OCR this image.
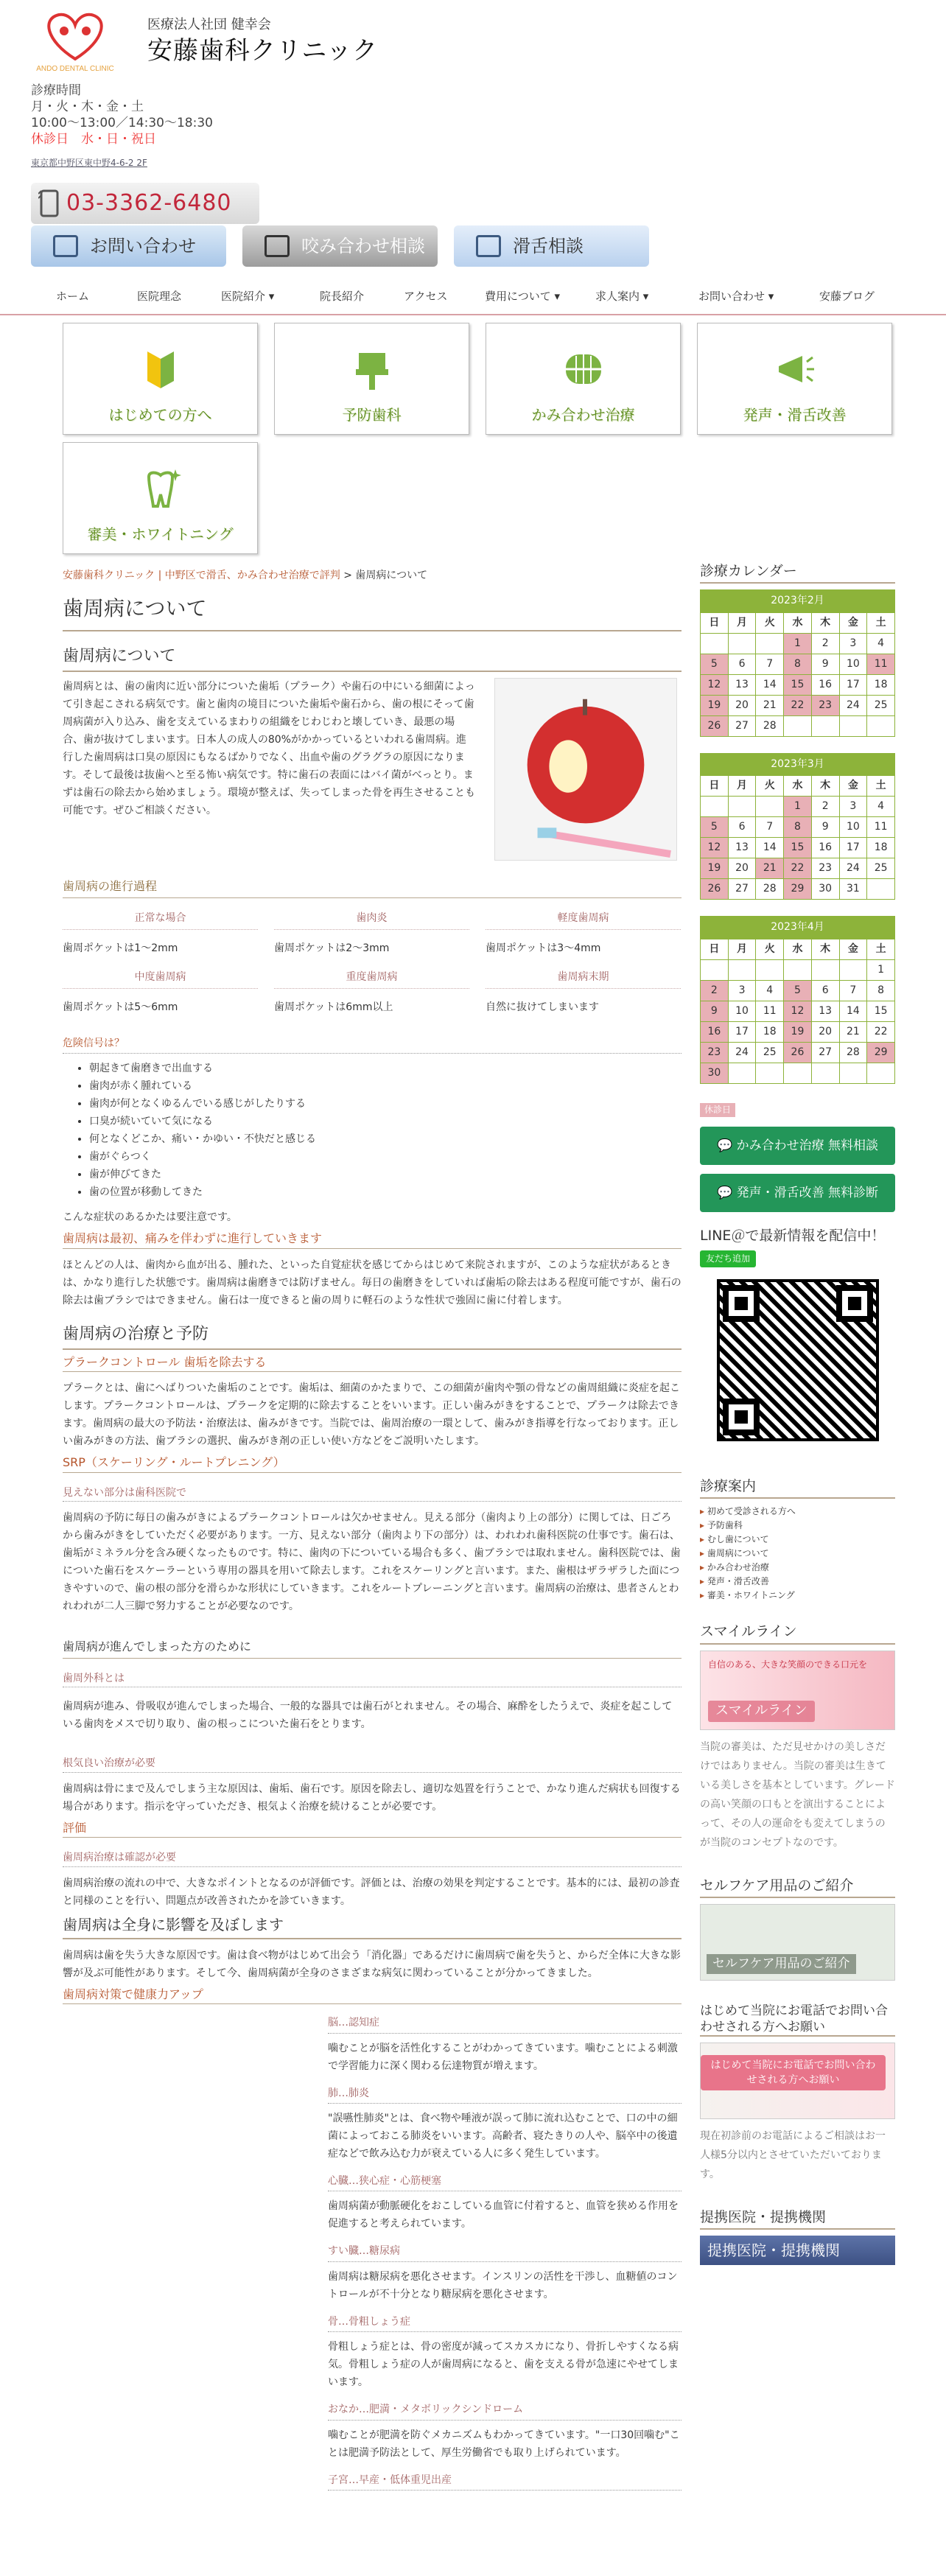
ANDO DENTAL CLINIC
医療法人社団 健幸会
安藤歯科クリニック
診療時間
月・火・木・金・土
10:00〜13:00／14:30〜18:30
休診日　水・日・祝日
東京都中野区東中野4-6-2 2F
03-3362-6480
お問い合わせ	咬み合わせ相談	滑舌相談
ホーム	医院理念	医院紹介 ▾	院長紹介	アクセス	費用について ▾	求人案内 ▾	お問い合わせ ▾	安藤ブログ
はじめての方へ	予防歯科	かみ合わせ治療	発声・滑舌改善
審美・ホワイトニング
安藤歯科クリニック | 中野区で滑舌、かみ合わせ治療で評判 > 歯周病について
歯周病について
歯周病について

歯周病とは、歯の歯肉に近い部分についた歯垢（プラーク）や歯石の中にいる細菌によって引き起こされる病気です。歯と歯肉の境目についた歯垢や歯石から、歯の根にそって歯周病菌が入り込み、歯を支えているまわりの組織をじわじわと壊していき、最悪の場合、歯が抜けてしまいます。日本人の成人の80%がかかっているといわれる歯周病。進行した歯周病は口臭の原因にもなるばかりでなく、出血や歯のグラグラの原因になります。そして最後は抜歯へと至る怖い病気です。特に歯石の表面にはバイ菌がべっとり。まずは歯石の除去から始めましょう。環境が整えば、失ってしまった骨を再生させることも可能です。ぜひご相談ください。

歯周病の進行過程
正常な場合
歯周ポケットは1〜2mm
歯肉炎
歯周ポケットは2〜3mm
軽度歯周病
歯周ポケットは3〜4mm
中度歯周病
歯周ポケットは5〜6mm
重度歯周病
歯周ポケットは6mm以上
歯周病末期
自然に抜けてしまいます
危険信号は？
• 朝起きて歯磨きで出血する
• 歯肉が赤く腫れている
• 歯肉が何となくゆるんでいる感じがしたりする
• 口臭が続いていて気になる
• 何となくどこか、痛い・かゆい・不快だと感じる
• 歯がぐらつく
• 歯が伸びてきた
• 歯の位置が移動してきた

こんな症状のあるかたは要注意です。

歯周病は最初、痛みを伴わずに進行していきます

ほとんどの人は、歯肉から血が出る、腫れた、といった自覚症状を感じてからはじめて来院されますが、このような症状があるときは、かなり進行した状態です。歯周病は歯磨きでは防げません。毎日の歯磨きをしていれば歯垢の除去はある程度可能ですが、歯石の除去は歯ブラシではできません。歯石は一度できると歯の周りに軽石のような性状で強固に歯に付着します。

歯周病の治療と予防
プラークコントロール 歯垢を除去する

プラークとは、歯にへばりついた歯垢のことです。歯垢は、細菌のかたまりで、この細菌が歯肉や顎の骨などの歯周組織に炎症を起こします。プラークコントロールは、プラークを定期的に除去することをいいます。正しい歯みがきをすることで、プラークは除去できます。歯周病の最大の予防法・治療法は、歯みがきです。当院では、歯周治療の一環として、歯みがき指導を行なっております。正しい歯みがきの方法、歯ブラシの選択、歯みがき剤の正しい使い方などをご説明いたします。

SRP（スケーリング・ルートプレニング）
見えない部分は歯科医院で

歯周病の予防に毎日の歯みがきによるプラークコントロールは欠かせません。見える部分（歯肉より上の部分）に関しては、日ごろから歯みがきをしていただく必要があります。一方、見えない部分（歯肉より下の部分）は、われわれ歯科医院の仕事です。歯石は、歯垢がミネラル分を含み硬くなったものです。特に、歯肉の下についている場合も多く、歯ブラシでは取れません。歯科医院では、歯についた歯石をスケーラーという専用の器具を用いて除去します。これをスケーリングと言います。また、歯根はザラザラした面につきやすいので、歯の根の部分を滑らかな形状にしていきます。これをルートプレーニングと言います。歯周病の治療は、患者さんとわれわれが二人三脚で努力することが必要なのです。

歯周病が進んでしまった方のために
歯周外科とは

歯周病が進み、骨吸収が進んでしまった場合、一般的な器具では歯石がとれません。その場合、麻酔をしたうえで、炎症を起こしている歯肉をメスで切り取り、歯の根っこについた歯石をとります。

根気良い治療が必要

歯周病は骨にまで及んでしまう主な原因は、歯垢、歯石です。原因を除去し、適切な処置を行うことで、かなり進んだ病状も回復する場合があります。指示を守っていただき、根気よく治療を続けることが必要です。

評価
歯周病治療は確認が必要

歯周病治療の流れの中で、大きなポイントとなるのが評価です。評価とは、治療の効果を判定することです。基本的には、最初の診査と同様のことを行い、問題点が改善されたかを診ていきます。

歯周病は全身に影響を及ぼします

歯周病は歯を失う大きな原因です。歯は食べ物がはじめて出会う「消化器」であるだけに歯周病で歯を失うと、からだ全体に大きな影響が及ぶ可能性があります。そして今、歯周病菌が全身のさまざまな病気に関わっていることが分かってきました。

歯周病対策で健康力アップ
脳…認知症
噛むことが脳を活性化することがわかってきています。噛むことによる刺激で学習能力に深く関わる伝達物質が増えます。
肺…肺炎
"誤嚥性肺炎"とは、食べ物や唾液が誤って肺に流れ込むことで、口の中の細菌によっておこる肺炎をいいます。高齢者、寝たきりの人や、脳卒中の後遺症などで飲み込む力が衰えている人に多く発生しています。
心臓…狭心症・心筋梗塞
歯周病菌が動脈硬化をおこしている血管に付着すると、血管を狭める作用を促進すると考えられています。
すい臓…糖尿病
歯周病は糖尿病を悪化させます。インスリンの活性を干渉し、血糖値のコントロールが不十分となり糖尿病を悪化させます。
骨…骨粗しょう症
骨粗しょう症とは、骨の密度が減ってスカスカになり、骨折しやすくなる病気。骨粗しょう症の人が歯周病になると、歯を支える骨が急速にやせてしまいます。
おなか…肥満・メタボリックシンドローム
噛むことが肥満を防ぐメカニズムもわかってきています。"一口30回噛む"ことは肥満予防法として、厚生労働省でも取り上げられています。
子宮…早産・低体重児出産
診療カレンダー
2023年2月
日	月	火	水	木	金	土
			1	2	3	4
5	6	7	8	9	10	11
12	13	14	15	16	17	18
19	20	21	22	23	24	25
26	27	28				
2023年3月
日	月	火	水	木	金	土
			1	2	3	4
5	6	7	8	9	10	11
12	13	14	15	16	17	18
19	20	21	22	23	24	25
26	27	28	29	30	31	
2023年4月
日	月	火	水	木	金	土
						1
2	3	4	5	6	7	8
9	10	11	12	13	14	15
16	17	18	19	20	21	22
23	24	25	26	27	28	29
30						
休診日
💬 かみ合わせ治療 無料相談
💬 発声・滑舌改善 無料診断
LINE＠で最新情報を配信中！
友だち追加
診療案内
▸ 初めて受診される方へ
▸ 予防歯科
▸ むし歯について
▸ 歯周病について
▸ かみ合わせ治療
▸ 発声・滑舌改善
▸ 審美・ホワイトニング
スマイルライン
自信のある、大きな笑顔のできる口元を
スマイルライン

当院の審美は、ただ見せかけの美しさだけではありません。当院の審美は生きている美しさを基本としています。グレードの高い笑顔の口もとを演出することによって、その人の運命をも変えてしまうのが当院のコンセプトなのです。

セルフケア用品のご紹介
セルフケア用品のご紹介
はじめて当院にお電話でお問い合わせされる方へお願い
はじめて当院にお電話でお問い合わせされる方へお願い

現在初診前のお電話によるご相談はお一人様5分以内とさせていただいております。

提携医院・提携機関
提携医院・提携機関
